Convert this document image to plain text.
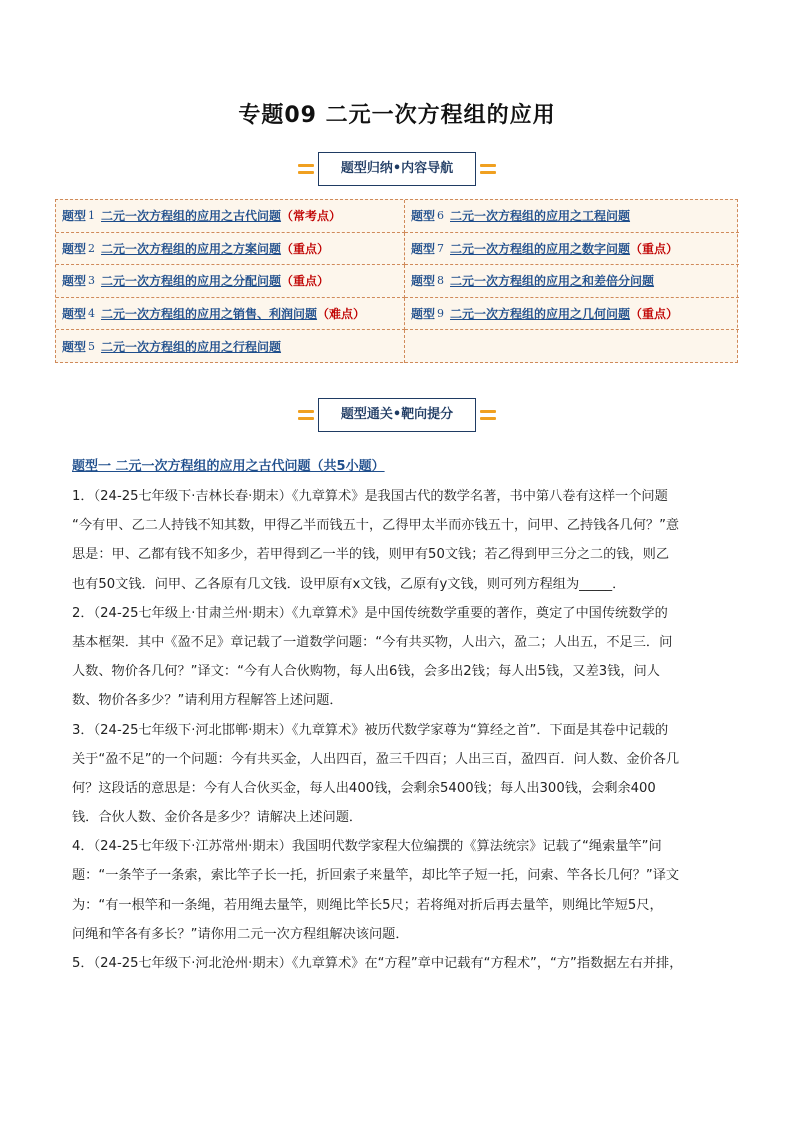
专题09 二元一次方程组的应用
题型归纳•内容导航
题型 1 二元一次方程组的应用之古代问题 （常考点）	题型 6 二元一次方程组的应用之工程问题
题型 2 二元一次方程组的应用之方案问题 （重点）	题型 7 二元一次方程组的应用之数字问题 （重点）
题型 3 二元一次方程组的应用之分配问题 （重点）	题型 8 二元一次方程组的应用之和差倍分问题
题型 4 二元一次方程组的应用之销售、利润问题 （难点）	题型 9 二元一次方程组的应用之几何问题 （重点）
题型 5 二元一次方程组的应用之行程问题
题型通关•靶向提分
题型一 二元一次方程组的应用之古代问题（共5小题）

1．（24-25七年级下·吉林长春·期末）《九章算术》是我国古代的数学名著，书中第八卷有这样一个问题
“今有甲、乙二人持钱不知其数，甲得乙半而钱五十，乙得甲太半而亦钱五十，问甲、乙持钱各几何？”意
思是：甲、乙都有钱不知多少，若甲得到乙一半的钱，则甲有50文钱；若乙得到甲三分之二的钱，则乙
也有50文钱．问甲、乙各原有几文钱．设甲原有x文钱，乙原有y文钱，则可列方程组为_____．
2．（24-25七年级上·甘肃兰州·期末）《九章算术》是中国传统数学重要的著作，奠定了中国传统数学的
基本框架．其中《盈不足》章记载了一道数学问题：“今有共买物，人出六，盈二；人出五，不足三．问
人数、物价各几何？”译文：“今有人合伙购物，每人出6钱，会多出2钱；每人出5钱，又差3钱，问人
数、物价各多少？”请利用方程解答上述问题．
3．（24-25七年级下·河北邯郸·期末）《九章算术》被历代数学家尊为“算经之首”．下面是其卷中记载的
关于“盈不足”的一个问题：今有共买金，人出四百，盈三千四百；人出三百，盈四百．问人数、金价各几
何？这段话的意思是：今有人合伙买金，每人出400钱，会剩余5400钱；每人出300钱，会剩余400
钱．合伙人数、金价各是多少？请解决上述问题．
4．（24-25七年级下·江苏常州·期末）我国明代数学家程大位编撰的《算法统宗》记载了“绳索量竿”问
题：“一条竿子一条索，索比竿子长一托，折回索子来量竿，却比竿子短一托，问索、竿各长几何？”译文
为：“有一根竿和一条绳，若用绳去量竿，则绳比竿长5尺；若将绳对折后再去量竿，则绳比竿短5尺，
问绳和竿各有多长？”请你用二元一次方程组解决该问题．
5．（24-25七年级下·河北沧州·期末）《九章算术》在“方程”章中记载有“方程术”，“方”指数据左右并排，
